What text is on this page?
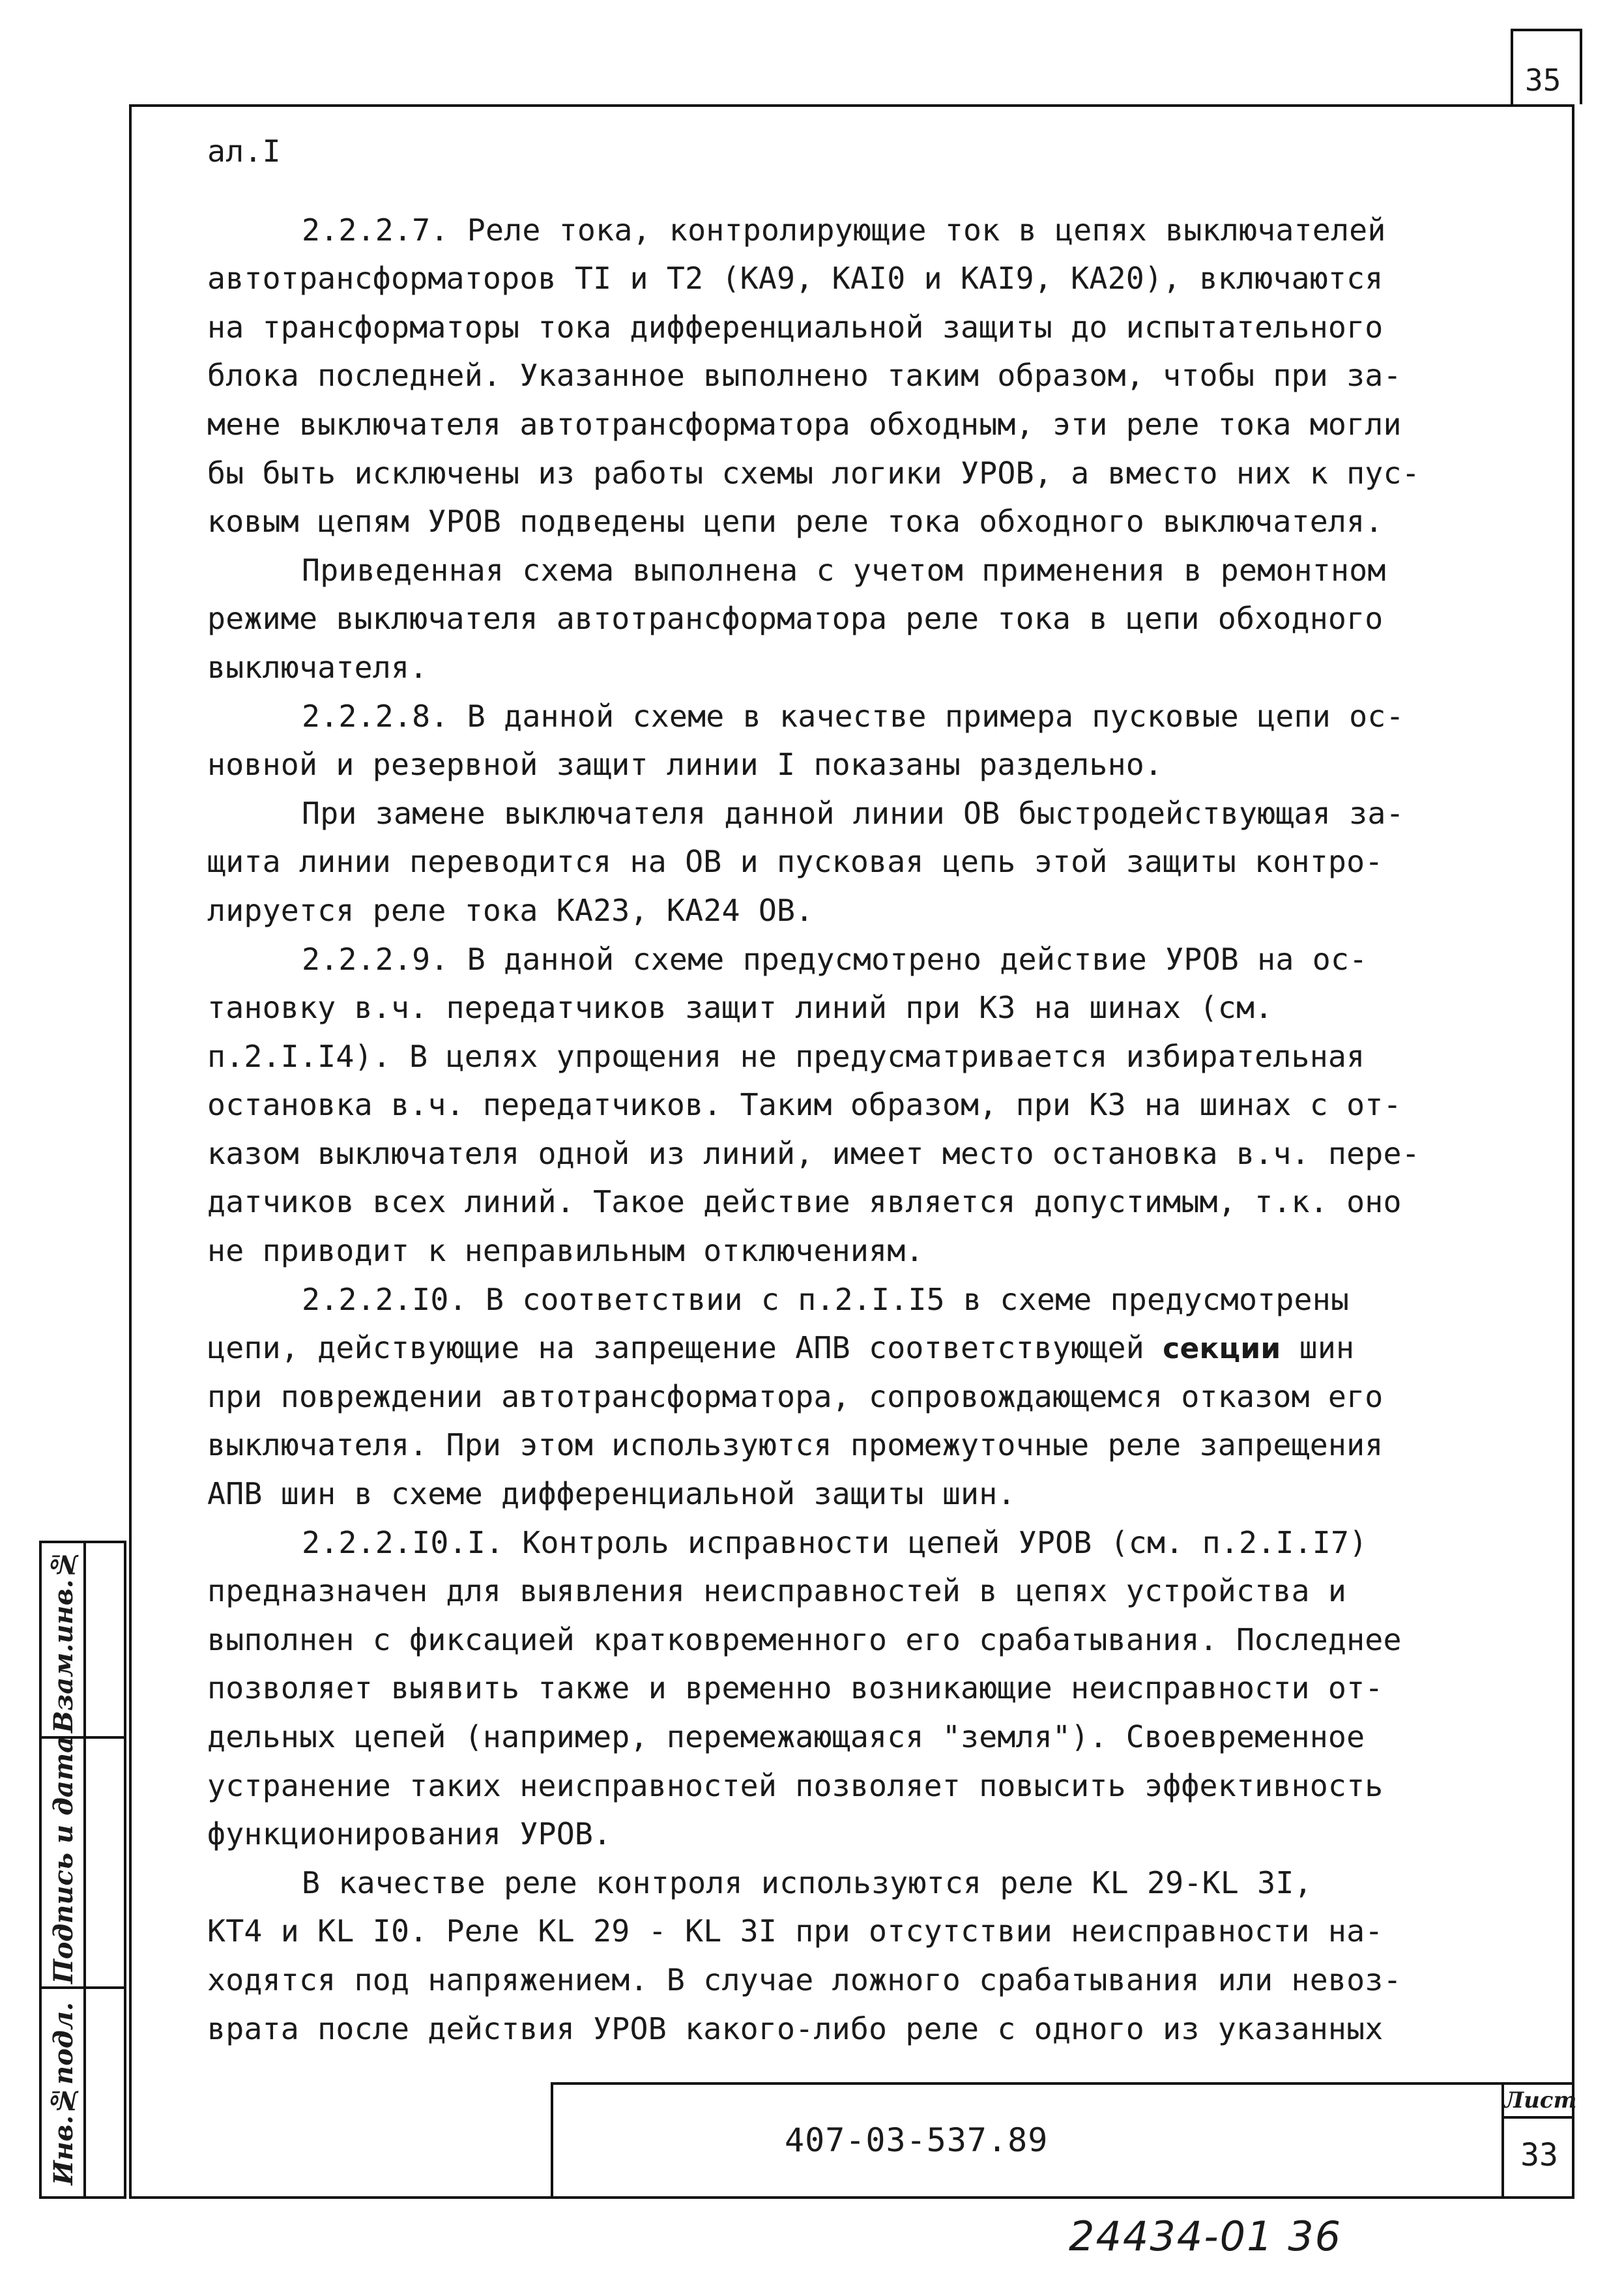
35
ал.I
2.2.2.7. Реле тока, контролирующие ток в цепях выключателей
автотрансформаторов TI и T2 (KA9, KAI0 и KAI9, KA20), включаются
на трансформаторы тока дифференциальной защиты до испытательного
блока последней. Указанное выполнено таким образом, чтобы при за-
мене выключателя автотрансформатора обходным, эти реле тока могли
бы быть исключены из работы схемы логики УРОВ, а вместо них к пус-
ковым цепям УРОВ подведены цепи реле тока обходного выключателя.
Приведенная схема выполнена с учетом применения в ремонтном
режиме выключателя автотрансформатора реле тока в цепи обходного
выключателя.
2.2.2.8. В данной схеме в качестве примера пусковые цепи ос-
новной и резервной защит линии I показаны раздельно.
При замене выключателя данной линии ОВ быстродействующая за-
щита линии переводится на ОВ и пусковая цепь этой защиты контро-
лируется реле тока KA23, KA24 ОВ.
2.2.2.9. В данной схеме предусмотрено действие УРОВ на ос-
тановку в.ч. передатчиков защит линий при КЗ на шинах (см.
п.2.I.I4). В целях упрощения не предусматривается избирательная
остановка в.ч. передатчиков. Таким образом, при КЗ на шинах с от-
казом выключателя одной из линий, имеет место остановка в.ч. пере-
датчиков всех линий. Такое действие является допустимым, т.к. оно
не приводит к неправильным отключениям.
2.2.2.I0. В соответствии с п.2.I.I5 в схеме предусмотрены
цепи, действующие на запрещение АПВ соответствующей секции шин
при повреждении автотрансформатора, сопровождающемся отказом его
выключателя. При этом используются промежуточные реле запрещения
АПВ шин в схеме дифференциальной защиты шин.
2.2.2.I0.I. Контроль исправности цепей УРОВ (см. п.2.I.I7)
предназначен для выявления неисправностей в цепях устройства и
выполнен с фиксацией кратковременного его срабатывания. Последнее
позволяет выявить также и временно возникающие неисправности от-
дельных цепей (например, перемежающаяся "земля"). Своевременное
устранение таких неисправностей позволяет повысить эффективность
функционирования УРОВ.
В качестве реле контроля используются реле KL 29-KL 3I,
KT4 и KL I0. Реле KL 29 - KL 3I при отсутствии неисправности на-
ходятся под напряжением. В случае ложного срабатывания или невоз-
врата после действия УРОВ какого-либо реле с одного из указанных
Взам.инв.№
Подпись и дата
Инв.№подл.	407-03-537.89
Лист
33
24434-01 36
